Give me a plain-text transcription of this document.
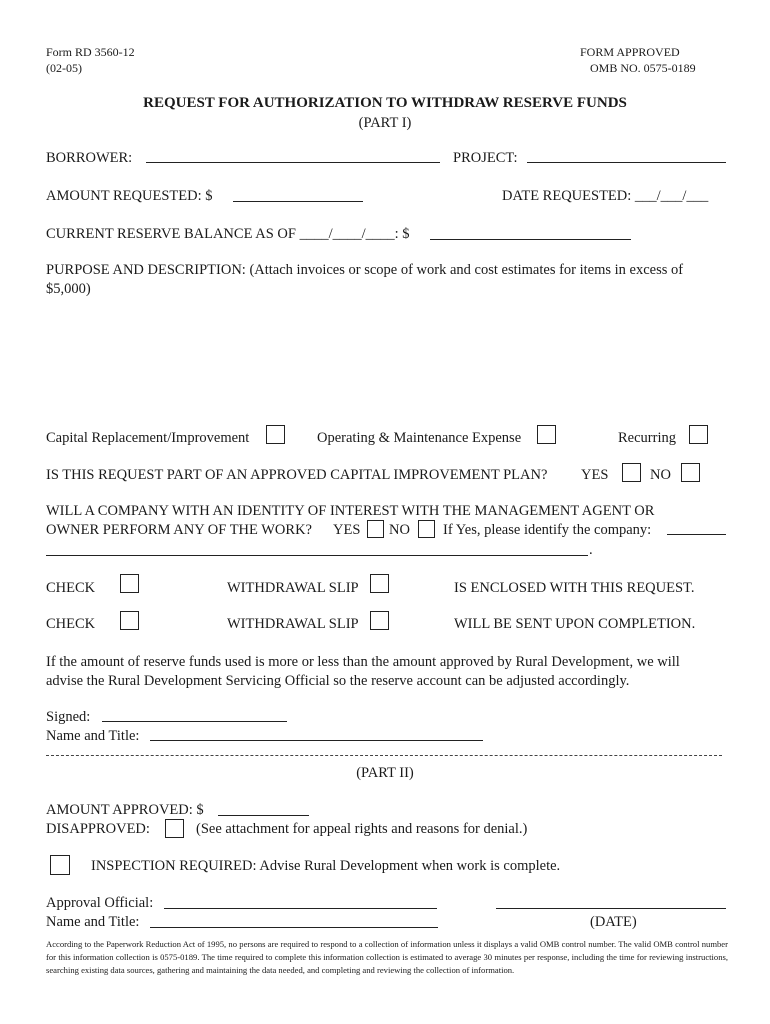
Form RD 3560-12
(02-05)
FORM APPROVED
OMB NO. 0575-0189
REQUEST FOR AUTHORIZATION TO WITHDRAW RESERVE FUNDS
(PART I)
BORROWER:	PROJECT:
AMOUNT REQUESTED: $	DATE REQUESTED: ___/___/___
CURRENT RESERVE BALANCE AS OF ____/____/____: $
PURPOSE AND DESCRIPTION: (Attach invoices or scope of work and cost estimates for items in excess of
$5,000)
Capital Replacement/Improvement	Operating & Maintenance Expense	Recurring
IS THIS REQUEST PART OF AN APPROVED CAPITAL IMPROVEMENT PLAN? YES	NO
WILL A COMPANY WITH AN IDENTITY OF INTEREST WITH THE MANAGEMENT AGENT OR
OWNER PERFORM ANY OF THE WORK? YES NO If Yes, please identify the company:
.
CHECK	WITHDRAWAL SLIP	IS ENCLOSED WITH THIS REQUEST.
CHECK	WITHDRAWAL SLIP	WILL BE SENT UPON COMPLETION.
If the amount of reserve funds used is more or less than the amount approved by Rural Development, we will
advise the Rural Development Servicing Official so the reserve account can be adjusted accordingly.
Signed:
Name and Title:
(PART II)
AMOUNT APPROVED: $
DISAPPROVED:	(See attachment for appeal rights and reasons for denial.)
INSPECTION REQUIRED: Advise Rural Development when work is complete.
Approval Official:
Name and Title:	(DATE)
According to the Paperwork Reduction Act of 1995, no persons are required to respond to a collection of information unless it displays a valid OMB control number. The valid OMB control number for this information collection is 0575-0189. The time required to complete this information collection is estimated to average 30 minutes per response, including the time for reviewing instructions, searching existing data sources, gathering and maintaining the data needed, and completing and reviewing the collection of information.
